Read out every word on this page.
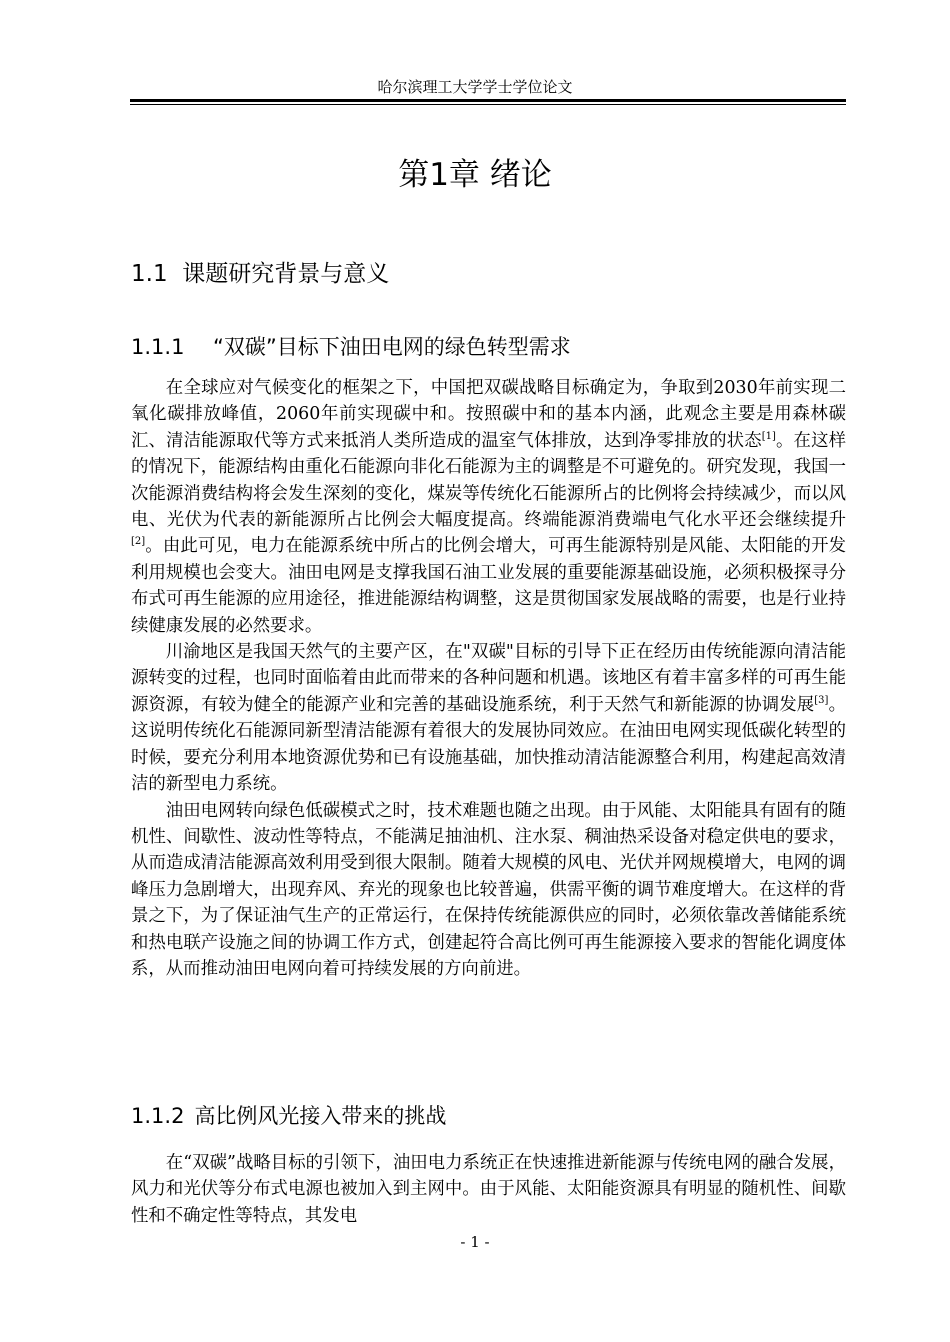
哈尔滨理工大学学士学位论文
第1章 绪论
1.1 课题研究背景与意义
1.1.1 “双碳”目标下油田电网的绿色转型需求

在全球应对气候变化的框架之下，中国把双碳战略目标确定为，争取到2030年前实现二氧化碳排放峰值，2060年前实现碳中和。按照碳中和的基本内涵，此观念主要是用森林碳汇、清洁能源取代等方式来抵消人类所造成的温室气体排放，达到净零排放的状态[1]。在这样的情况下，能源结构由重化石能源向非化石能源为主的调整是不可避免的。研究发现，我国一次能源消费结构将会发生深刻的变化，煤炭等传统化石能源所占的比例将会持续减少，而以风电、光伏为代表的新能源所占比例会大幅度提高。终端能源消费端电气化水平还会继续提升[2]。由此可见，电力在能源系统中所占的比例会增大，可再生能源特别是风能、太阳能的开发利用规模也会变大。油田电网是支撑我国石油工业发展的重要能源基础设施，必须积极探寻分布式可再生能源的应用途径，推进能源结构调整，这是贯彻国家发展战略的需要，也是行业持续健康发展的必然要求。

川渝地区是我国天然气的主要产区，在"双碳"目标的引导下正在经历由传统能源向清洁能源转变的过程，也同时面临着由此而带来的各种问题和机遇。该地区有着丰富多样的可再生能源资源，有较为健全的能源产业和完善的基础设施系统，利于天然气和新能源的协调发展[3]。这说明传统化石能源同新型清洁能源有着很大的发展协同效应。在油田电网实现低碳化转型的时候，要充分利用本地资源优势和已有设施基础，加快推动清洁能源整合利用，构建起高效清洁的新型电力系统。

油田电网转向绿色低碳模式之时，技术难题也随之出现。由于风能、太阳能具有固有的随机性、间歇性、波动性等特点，不能满足抽油机、注水泵、稠油热采设备对稳定供电的要求，从而造成清洁能源高效利用受到很大限制。随着大规模的风电、光伏并网规模增大，电网的调峰压力急剧增大，出现弃风、弃光的现象也比较普遍，供需平衡的调节难度增大。在这样的背景之下，为了保证油气生产的正常运行，在保持传统能源供应的同时，必须依靠改善储能系统和热电联产设施之间的协调工作方式，创建起符合高比例可再生能源接入要求的智能化调度体系，从而推动油田电网向着可持续发展的方向前进。

1.1.2 高比例风光接入带来的挑战

在“双碳”战略目标的引领下，油田电力系统正在快速推进新能源与传统电网的融合发展，风力和光伏等分布式电源也被加入到主网中。由于风能、太阳能资源具有明显的随机性、间歇性和不确定性等特点，其发电

- 1 -
